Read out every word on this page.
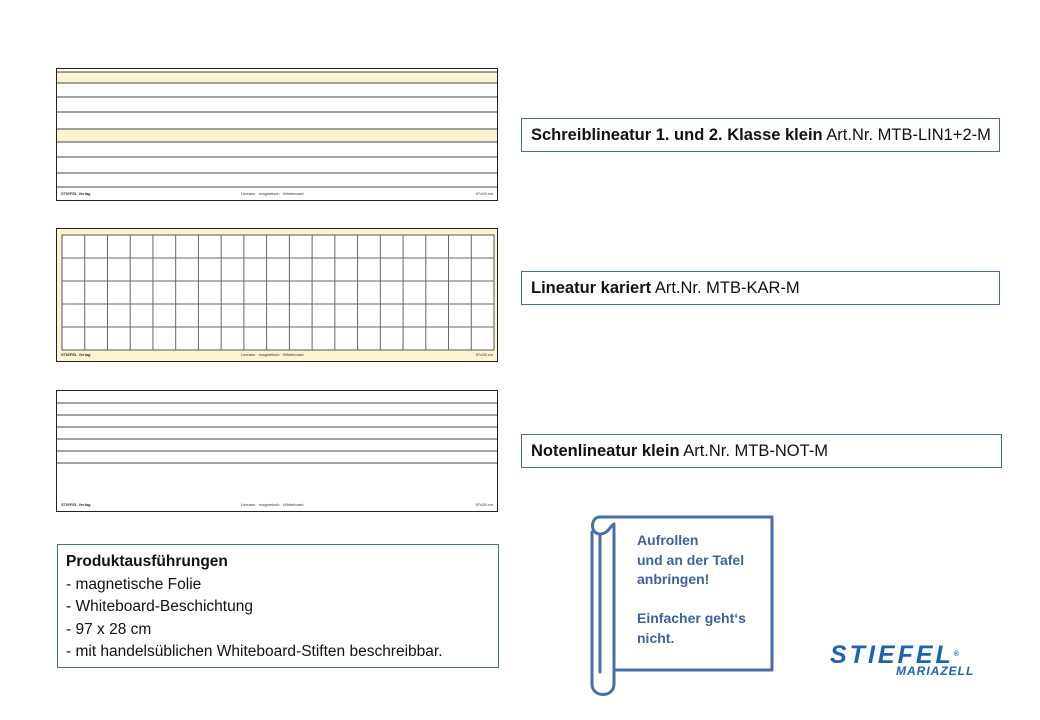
STIEFEL Verlag	Lineatur · magnetisch · Whiteboard	97x28 cm
STIEFEL Verlag	Lineatur · magnetisch · Whiteboard	97x28 cm
STIEFEL Verlag	Lineatur · magnetisch · Whiteboard	97x28 cm
Schreiblineatur 1. und 2. Klasse klein Art.Nr. MTB-LIN1+2-M
Lineatur kariert Art.Nr. MTB-KAR-M
Notenlineatur klein Art.Nr. MTB-NOT-M
Produktausführungen
- magnetische Folie
- Whiteboard-Beschichtung
- 97 x 28 cm
- mit handelsüblichen Whiteboard-Stiften beschreibbar.
Aufrollen
und an der Tafel
anbringen!
Einfacher geht‘s
nicht.
STIEFEL®
MARIAZELL
